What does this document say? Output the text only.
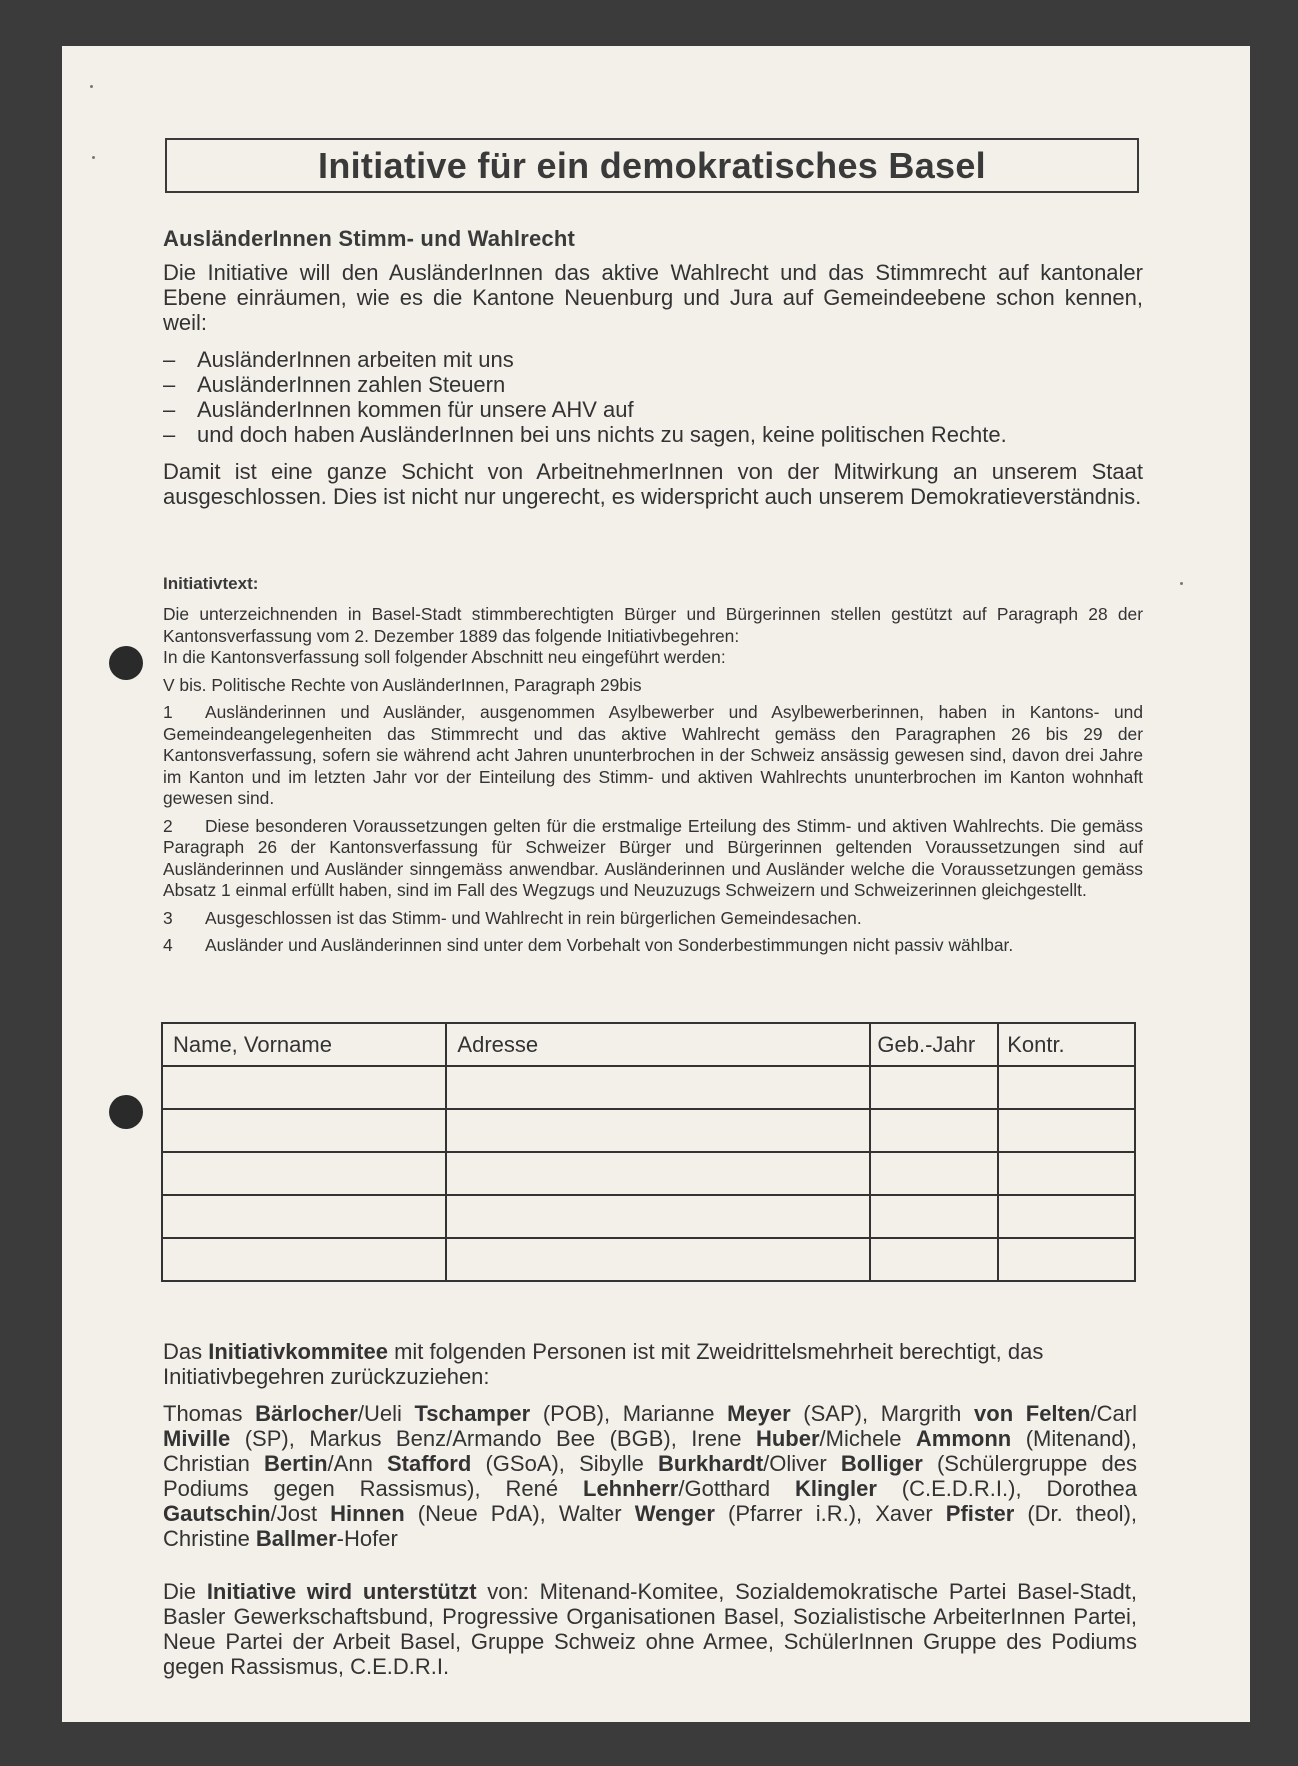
Initiative für ein demokratisches Basel
AusländerInnen Stimm- und Wahlrecht

Die Initiative will den AusländerInnen das aktive Wahlrecht und das Stimmrecht auf kantonaler Ebene einräumen, wie es die Kantone Neuenburg und Jura auf Gemeindeebene schon kennen, weil:

– AusländerInnen arbeiten mit uns
– AusländerInnen zahlen Steuern
– AusländerInnen kommen für unsere AHV auf
– und doch haben AusländerInnen bei uns nichts zu sagen, keine politischen Rechte.

Damit ist eine ganze Schicht von ArbeitnehmerInnen von der Mitwirkung an unserem Staat ausgeschlossen. Dies ist nicht nur ungerecht, es widerspricht auch unserem Demokratieverständnis.

Initiativtext:

Die unterzeichnenden in Basel-Stadt stimmberechtigten Bürger und Bürgerinnen stellen gestützt auf Paragraph 28 der Kantonsverfassung vom 2. Dezember 1889 das folgende Initiativbegehren:

In die Kantonsverfassung soll folgender Abschnitt neu eingeführt werden:

V bis. Politische Rechte von AusländerInnen, Paragraph 29bis

1 Ausländerinnen und Ausländer, ausgenommen Asylbewerber und Asylbewerberinnen, haben in Kantons- und Gemeindeangelegenheiten das Stimmrecht und das aktive Wahlrecht gemäss den Paragraphen 26 bis 29 der Kantonsverfassung, sofern sie während acht Jahren ununterbrochen in der Schweiz ansässig gewesen sind, davon drei Jahre im Kanton und im letzten Jahr vor der Einteilung des Stimm- und aktiven Wahlrechts ununterbrochen im Kanton wohnhaft gewesen sind.

2 Diese besonderen Voraussetzungen gelten für die erstmalige Erteilung des Stimm- und aktiven Wahlrechts. Die gemäss Paragraph 26 der Kantonsverfassung für Schweizer Bürger und Bürgerinnen geltenden Voraussetzungen sind auf Ausländerinnen und Ausländer sinngemäss anwendbar. Ausländerinnen und Ausländer welche die Voraussetzungen gemäss Absatz 1 einmal erfüllt haben, sind im Fall des Wegzugs und Neuzuzugs Schweizern und Schweizerinnen gleichgestellt.

3 Ausgeschlossen ist das Stimm- und Wahlrecht in rein bürgerlichen Gemeindesachen.

4 Ausländer und Ausländerinnen sind unter dem Vorbehalt von Sonderbestimmungen nicht passiv wählbar.

Name, Vorname	Adresse	Geb.-Jahr	Kontr.

Das Initiativkommitee mit folgenden Personen ist mit Zweidrittelsmehrheit berechtigt, das Initiativbegehren zurückzuziehen:

Thomas Bärlocher/Ueli Tschamper (POB), Marianne Meyer (SAP), Margrith von Felten/Carl Miville (SP), Markus Benz/Armando Bee (BGB), Irene Huber/Michele Ammonn (Mitenand), Christian Bertin/Ann Stafford (GSoA), Sibylle Burkhardt/Oliver Bolliger (Schülergruppe des Podiums gegen Rassismus), René Lehnherr/Gotthard Klingler (C.E.D.R.I.), Dorothea Gautschin/Jost Hinnen (Neue PdA), Walter Wenger (Pfarrer i.R.), Xaver Pfister (Dr. theol), Christine Ballmer-Hofer

Die Initiative wird unterstützt von: Mitenand-Komitee, Sozialdemokratische Partei Basel-Stadt, Basler Gewerkschaftsbund, Progressive Organisationen Basel, Sozialistische ArbeiterInnen Partei, Neue Partei der Arbeit Basel, Gruppe Schweiz ohne Armee, SchülerInnen Gruppe des Podiums gegen Rassismus, C.E.D.R.I.
